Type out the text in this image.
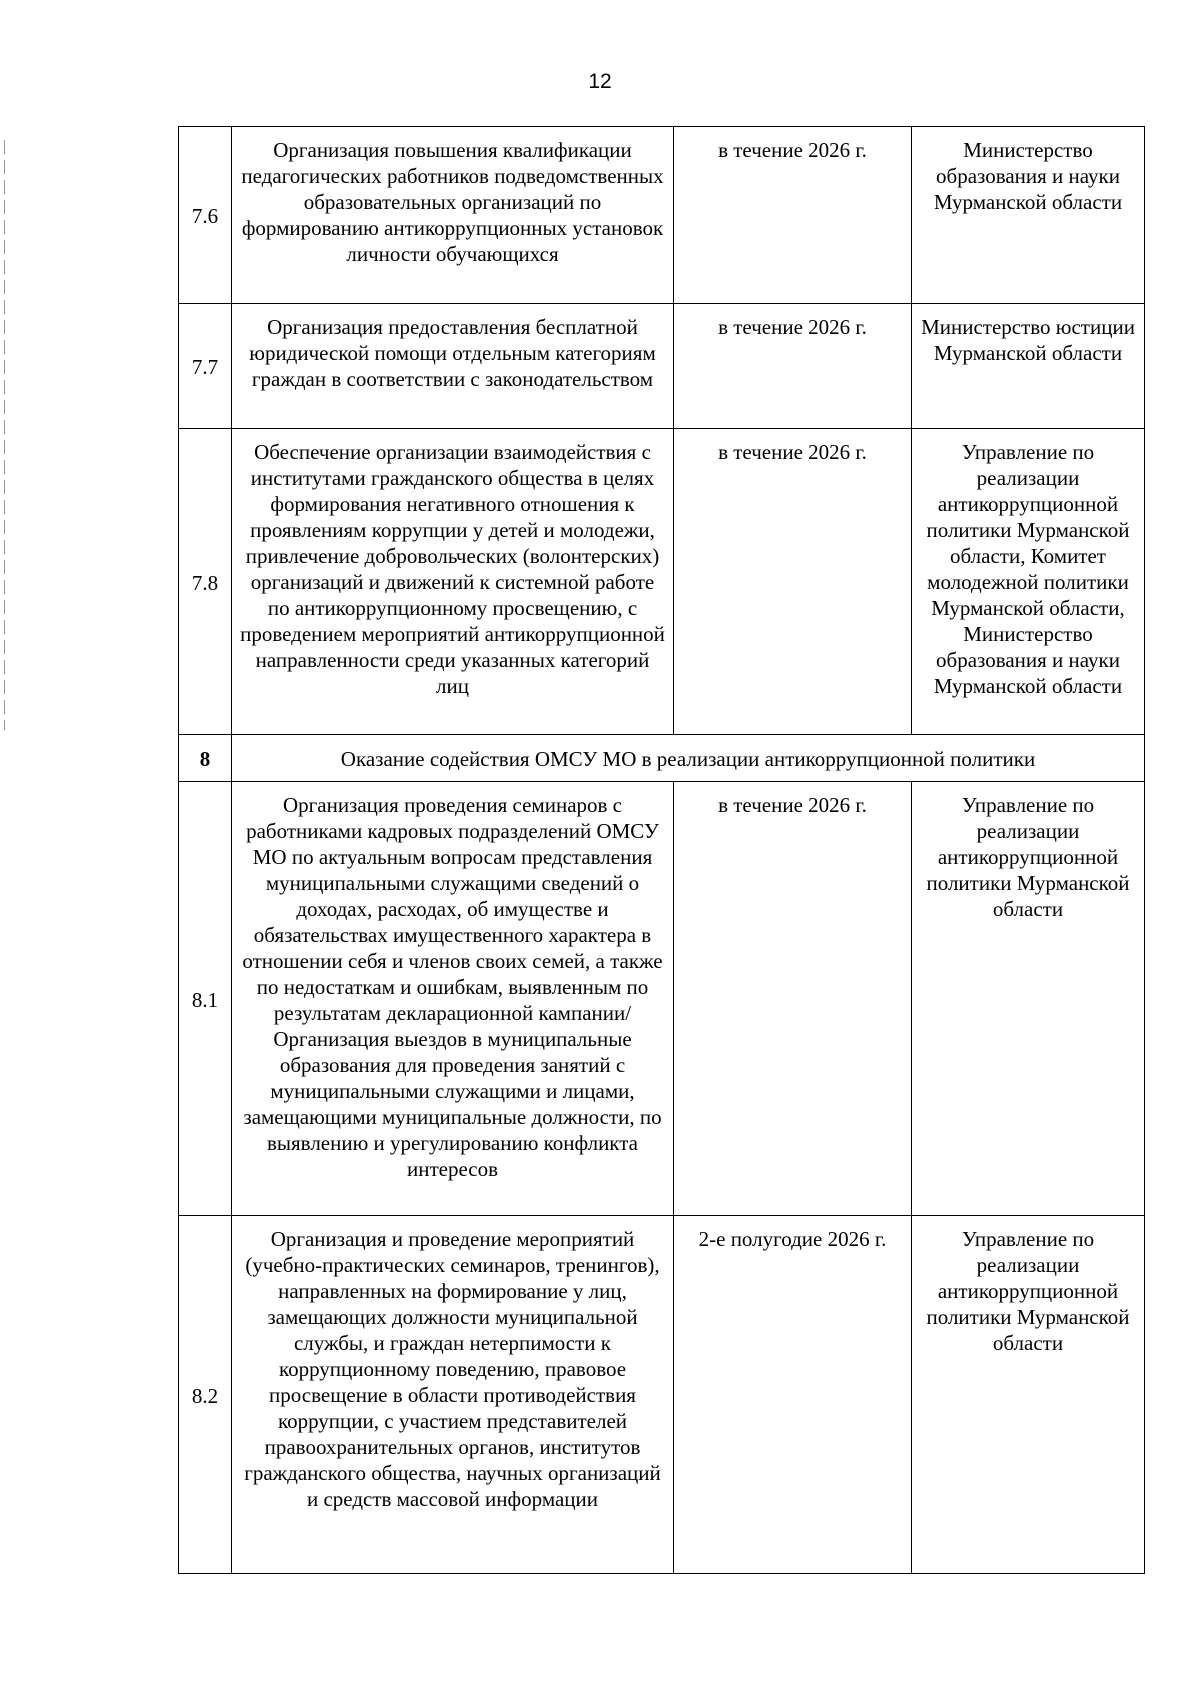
12
7.6	Организация повышения квалификации педагогических работников подведомственных образовательных организаций по формированию антикоррупционных установок личности обучающихся	в течение 2026 г.	Министерство образования и науки Мурманской области
7.7	Организация предоставления бесплатной юридической помощи отдельным категориям граждан в соответствии с законодательством	в течение 2026 г.	Министерство юстиции Мурманской области
7.8	Обеспечение организации взаимодействия с институтами гражданского общества в целях формирования негативного отношения к проявлениям коррупции у детей и молодежи, привлечение добровольческих (волонтерских) организаций и движений к системной работе по антикоррупционному просвещению, с проведением мероприятий антикоррупционной направленности среди указанных категорий лиц	в течение 2026 г.	Управление по реализации антикоррупционной политики Мурманской области, Комитет молодежной политики Мурманской области, Министерство образования и науки Мурманской области
8	Оказание содействия ОМСУ МО в реализации антикоррупционной политики		
8.1	Организация проведения семинаров с работниками кадровых подразделений ОМСУ МО по актуальным вопросам представления муниципальными служащими сведений о доходах, расходах, об имуществе и обязательствах имущественного характера в отношении себя и членов своих семей, а также по недостаткам и ошибкам, выявленным по результатам декларационной кампании/ Организация выездов в муниципальные образования для проведения занятий с муниципальными служащими и лицами, замещающими муниципальные должности, по выявлению и урегулированию конфликта интересов	в течение 2026 г.	Управление по реализации антикоррупционной политики Мурманской области
8.2	Организация и проведение мероприятий (учебно-практических семинаров, тренингов), направленных на формирование у лиц, замещающих должности муниципальной службы, и граждан нетерпимости к коррупционному поведению, правовое просвещение в области противодействия коррупции, с участием представителей правоохранительных органов, институтов гражданского общества, научных организаций и средств массовой информации	2-е полугодие 2026 г.	Управление по реализации антикоррупционной политики Мурманской области
